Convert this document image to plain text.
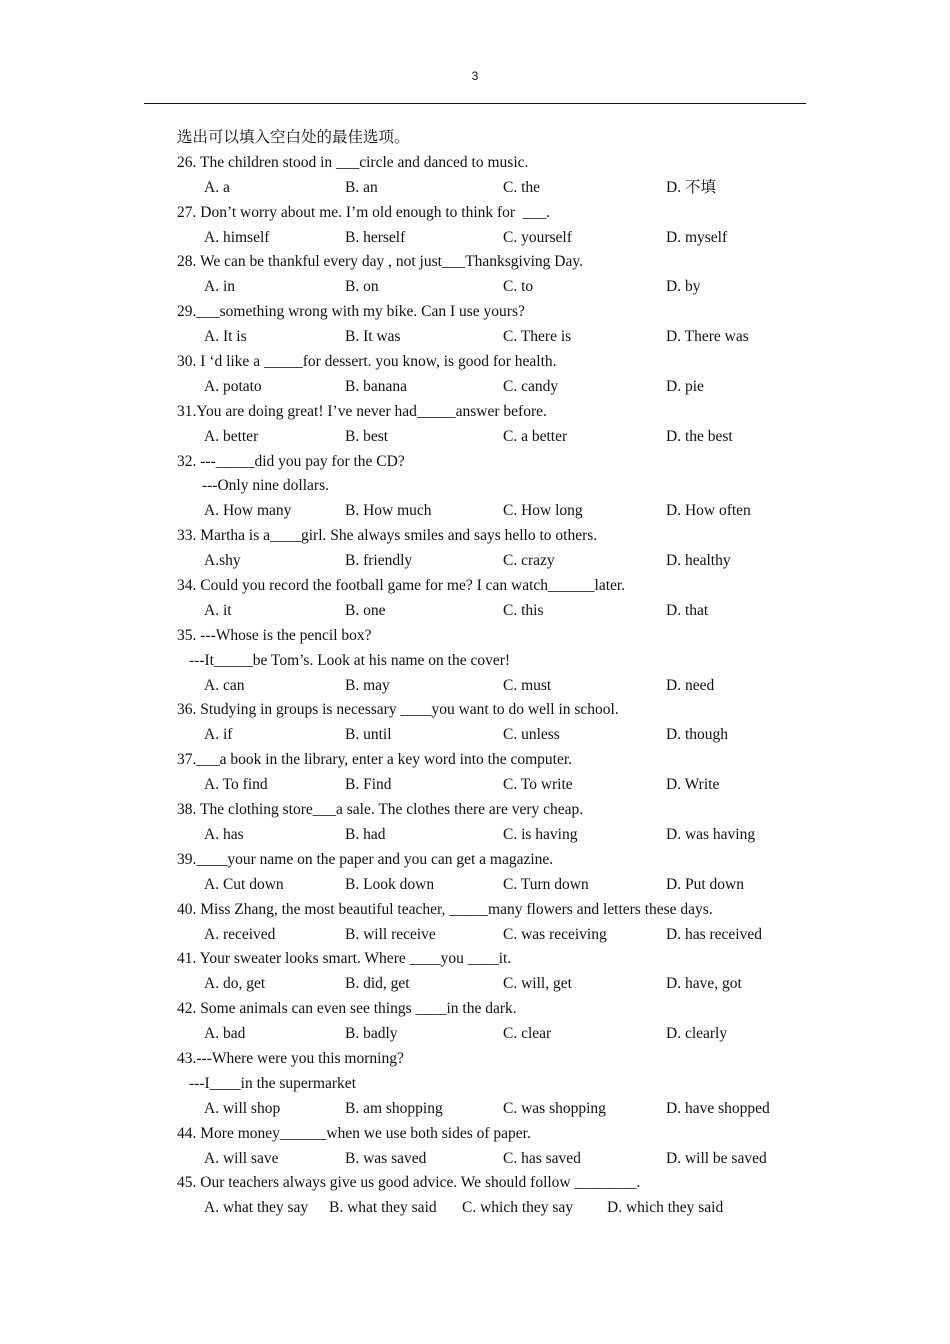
3
选出可以填入空白处的最佳选项。
26. The children stood in ___circle and danced to music.
A. a	B. an	C. the	D. 不填
27. Don’t worry about me. I’m old enough to think for  ___.
A. himself	B. herself	C. yourself	D. myself
28. We can be thankful every day , not just___Thanksgiving Day.
A. in	B. on	C. to	D. by
29.___something wrong with my bike. Can I use yours?
A. It is	B. It was	C. There is	D. There was
30. I ‘d like a _____for dessert. you know, is good for health.
A. potato	B. banana	C. candy	D. pie
31.You are doing great! I’ve never had_____answer before.
A. better	B. best	C. a better	D. the best
32. ---_____did you pay for the CD?
---Only nine dollars.
A. How many	B. How much	C. How long	D. How often
33. Martha is a____girl. She always smiles and says hello to others.
A.shy	B. friendly	C. crazy	D. healthy
34. Could you record the football game for me? I can watch______later.
A. it	B. one	C. this	D. that
35. ---Whose is the pencil box?
---It_____be Tom’s. Look at his name on the cover!
A. can	B. may	C. must	D. need
36. Studying in groups is necessary ____you want to do well in school.
A. if	B. until	C. unless	D. though
37.___a book in the library, enter a key word into the computer.
A. To find	B. Find	C. To write	D. Write
38. The clothing store___a sale. The clothes there are very cheap.
A. has	B. had	C. is having	D. was having
39.____your name on the paper and you can get a magazine.
A. Cut down	B. Look down	C. Turn down	D. Put down
40. Miss Zhang, the most beautiful teacher, _____many flowers and letters these days.
A. received	B. will receive	C. was receiving	D. has received
41. Your sweater looks smart. Where ____you ____it.
A. do, get	B. did, get	C. will, get	D. have, got
42. Some animals can even see things ____in the dark.
A. bad	B. badly	C. clear	D. clearly
43.---Where were you this morning?
---I____in the supermarket
A. will shop	B. am shopping	C. was shopping	D. have shopped
44. More money______when we use both sides of paper.
A. will save	B. was saved	C. has saved	D. will be saved
45. Our teachers always give us good advice. We should follow ________.
A. what they say B. what they said C. which they say D. which they said
